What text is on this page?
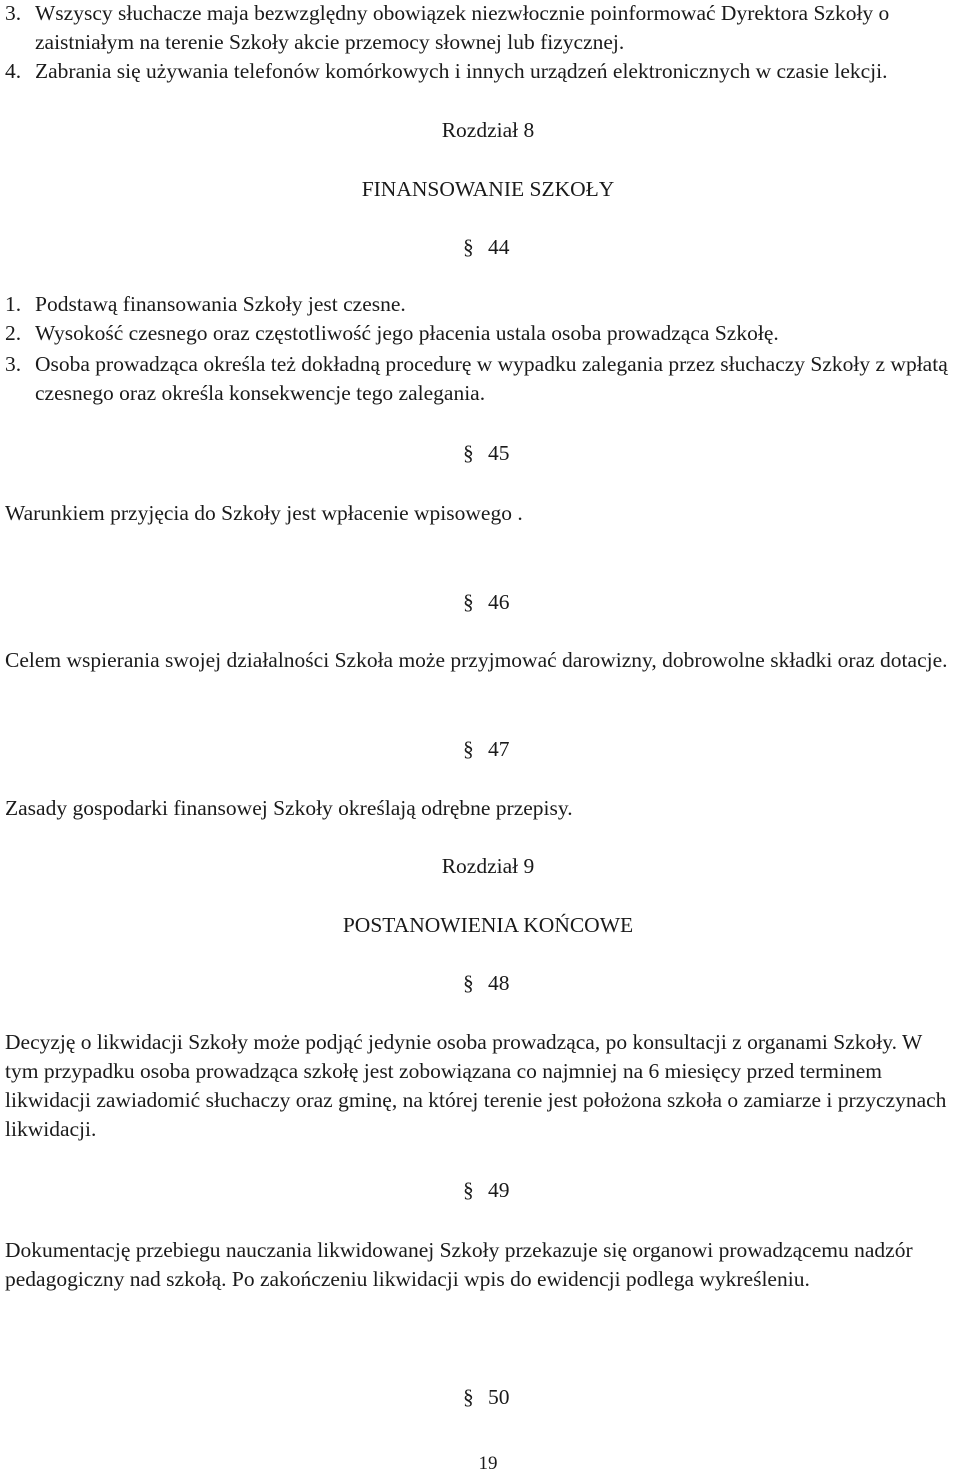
3. Wszyscy słuchacze maja bezwzględny obowiązek niezwłocznie poinformować Dyrektora Szkoły o zaistniałym na terenie Szkoły akcie przemocy słownej lub fizycznej.
4. Zabrania się używania telefonów komórkowych i innych urządzeń elektronicznych w czasie lekcji.
Rozdział 8
FINANSOWANIE SZKOŁY
§ 44
1. Podstawą finansowania Szkoły jest czesne.
2. Wysokość czesnego oraz częstotliwość jego płacenia ustala osoba prowadząca Szkołę.
3. Osoba prowadząca określa też dokładną procedurę w wypadku zalegania przez słuchaczy Szkoły z wpłatą czesnego oraz określa konsekwencje tego zalegania.
§ 45
Warunkiem przyjęcia do Szkoły jest wpłacenie wpisowego .
§ 46
Celem wspierania swojej działalności Szkoła może przyjmować darowizny, dobrowolne składki oraz dotacje.
§ 47
Zasady gospodarki finansowej Szkoły określają odrębne przepisy.
Rozdział 9
POSTANOWIENIA KOŃCOWE
§ 48
Decyzję o likwidacji Szkoły może podjąć jedynie osoba prowadząca, po konsultacji z organami Szkoły. W tym przypadku osoba prowadząca szkołę jest zobowiązana co najmniej na 6 miesięcy przed terminem likwidacji zawiadomić słuchaczy oraz gminę, na której terenie jest położona szkoła o zamiarze i przyczynach likwidacji.
§ 49
Dokumentację przebiegu nauczania likwidowanej Szkoły przekazuje się organowi prowadzącemu nadzór pedagogiczny nad szkołą. Po zakończeniu likwidacji wpis do ewidencji podlega wykreśleniu.
§ 50
19
